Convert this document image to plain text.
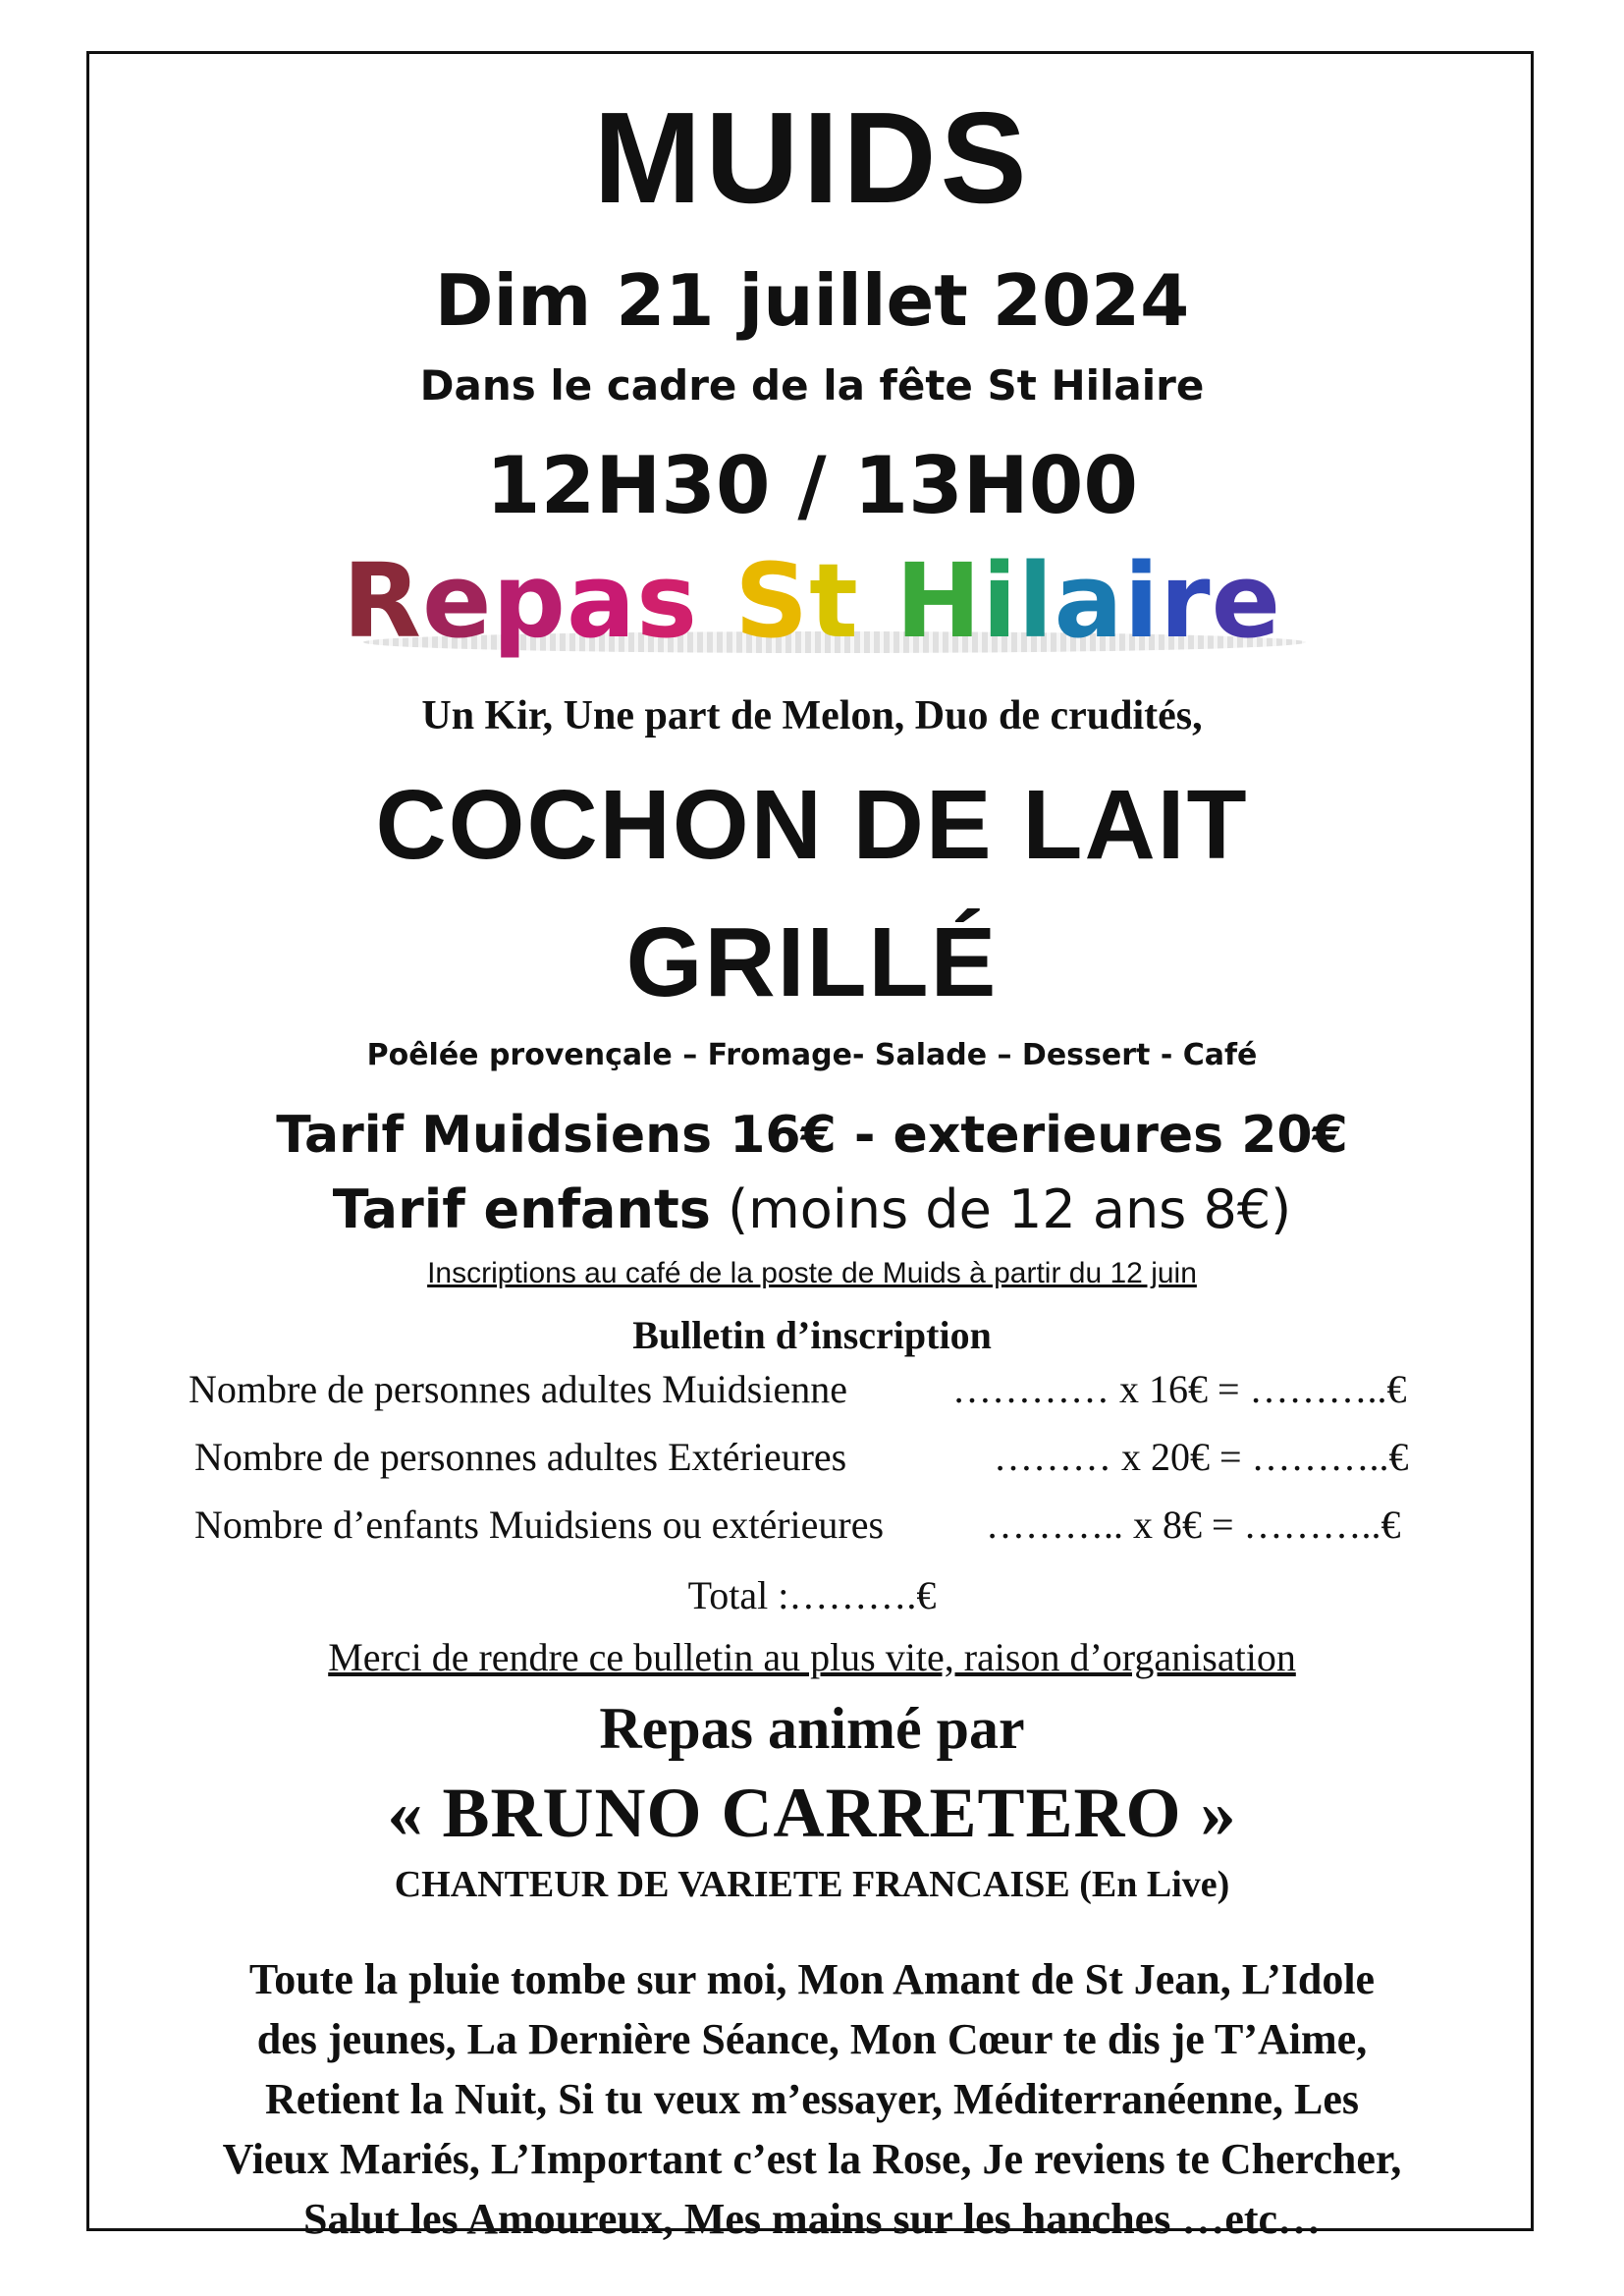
MUIDS
Dim 21 juillet 2024
Dans le cadre de la fête St Hilaire
12H30 / 13H00
Repas St Hilaire
Un Kir, Une part de Melon, Duo de crudités,
COCHON DE LAIT
GRILLÉ
Poêlée provençale – Fromage- Salade – Dessert - Café
Tarif Muidsiens 16€ - exterieures 20€
Tarif enfants (moins de 12 ans 8€)
Inscriptions au café de la poste de Muids à partir du 12 juin
Bulletin d’inscription
Nombre de personnes adultes Muidsienne	………… x 16€ = ………..€
Nombre de personnes adultes Extérieures	……… x 20€ = ………..€
Nombre d’enfants Muidsiens ou extérieures	……….. x 8€ = ………..€
Total :……….€
Merci de rendre ce bulletin au plus vite, raison d’organisation
Repas animé par
« BRUNO CARRETERO »
CHANTEUR DE VARIETE FRANCAISE (En Live)
Toute la pluie tombe sur moi, Mon Amant de St Jean, L’Idole
des jeunes, La Dernière Séance, Mon Cœur te dis je T’Aime,
Retient la Nuit, Si tu veux m’essayer, Méditerranéenne, Les
Vieux Mariés, L’Important c’est la Rose, Je reviens te Chercher,
Salut les Amoureux, Mes mains sur les hanches …etc…
